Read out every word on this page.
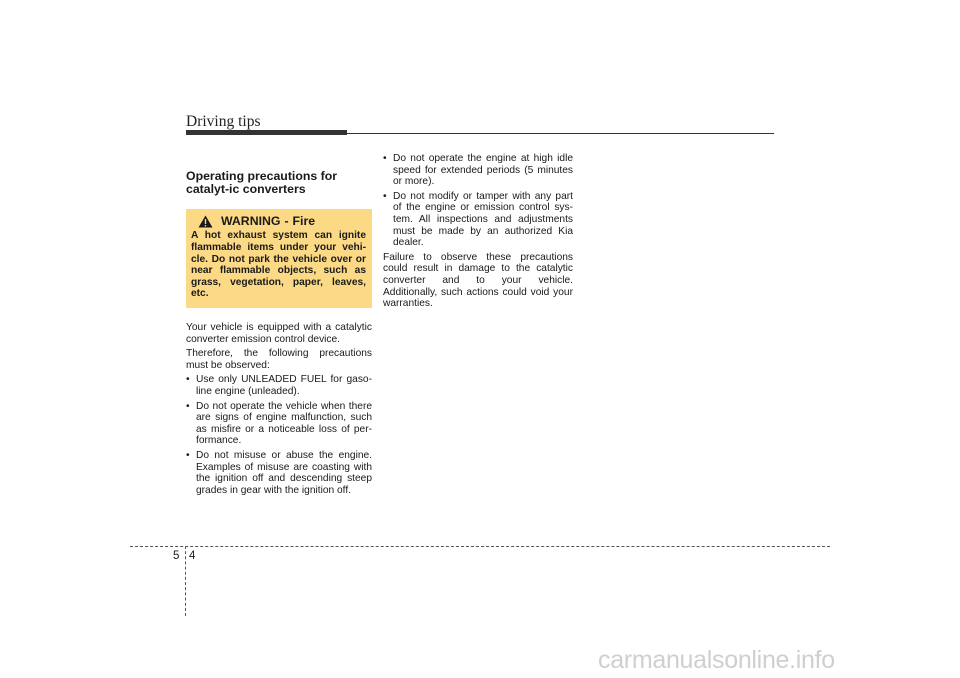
Driving tips
Operating precautions for catalyt-ic converters
WARNING - Fire
A hot exhaust system can ignite flammable items under your vehi-cle. Do not park the vehicle over or near flammable objects, such as grass, vegetation, paper, leaves, etc.

Your vehicle is equipped with a catalytic converter emission control device.

Therefore, the following precautions must be observed:

• Use only UNLEADED FUEL for gaso-line engine (unleaded).
• Do not operate the vehicle when there are signs of engine malfunction, such as misfire or a noticeable loss of per-formance.
• Do not misuse or abuse the engine. Examples of misuse are coasting with the ignition off and descending steep grades in gear with the ignition off.
• Do not operate the engine at high idle speed for extended periods (5 minutes or more).
• Do not modify or tamper with any part of the engine or emission control sys-tem. All inspections and adjustments must be made by an authorized Kia dealer.

Failure to observe these precautions could result in damage to the catalytic converter and to your vehicle. Additionally, such actions could void your warranties.

5 4
carmanualsonline.info
